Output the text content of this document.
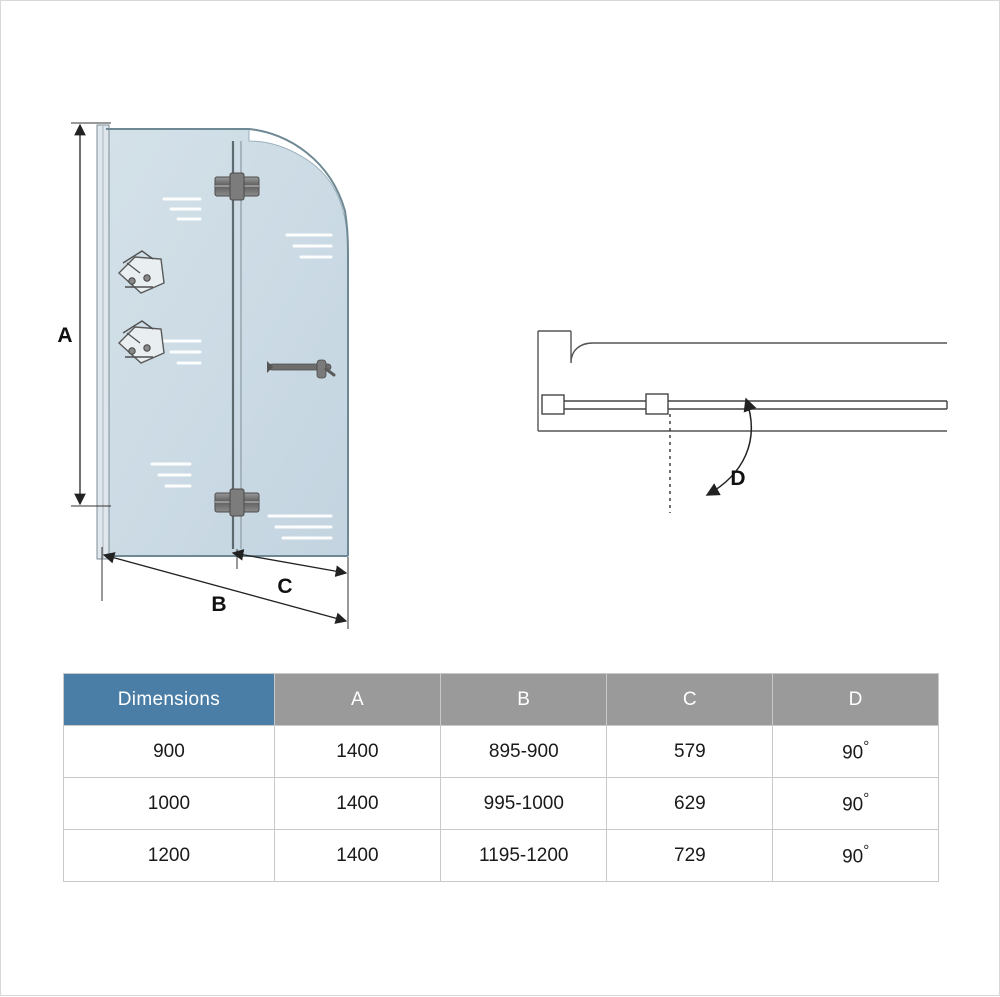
A
B
C
D
Dimensions	A	B	C	D
900	1400	895-900	579	90°
1000	1400	995-1000	629	90°
1200	1400	1195-1200	729	90°
